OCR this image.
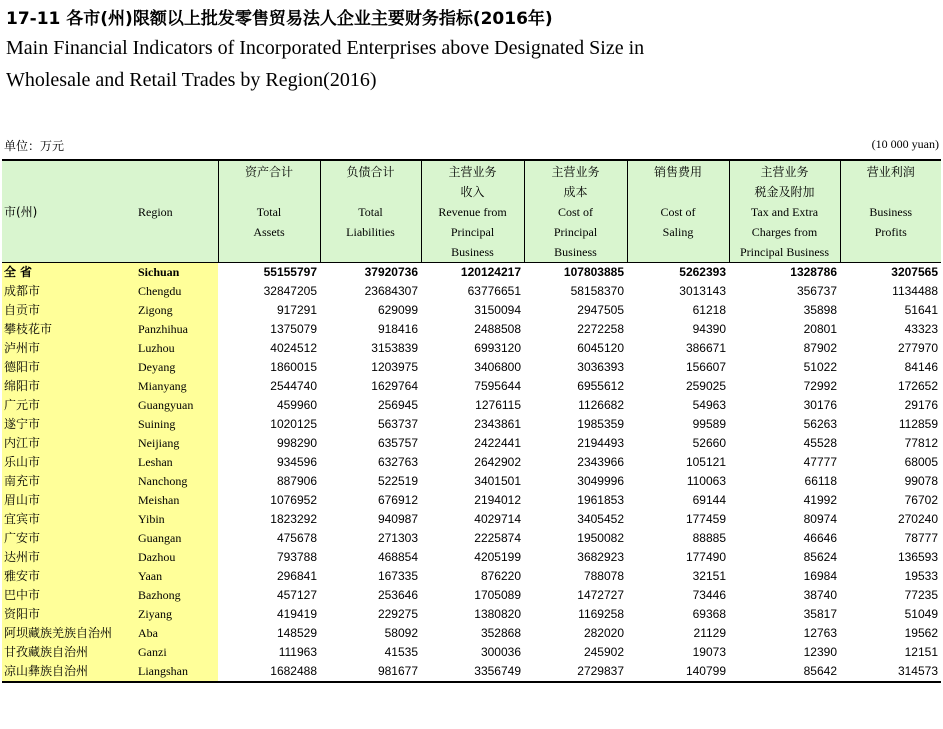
17-11 各市(州)限额以上批发零售贸易法人企业主要财务指标(2016年)
Main Financial Indicators of Incorporated Enterprises above Designated Size in
Wholesale and Retail Trades by Region(2016)
单位：万元	(10 000 yuan)
市(州)	Region	资产合计

Total
Assets	负债合计

Total
Liabilities	主营业务
收入
Revenue from
Principal
Business	主营业务
成本
Cost of
Principal
Business	销售费用

Cost of
Saling	主营业务
税金及附加
Tax and Extra
Charges from
Principal Business	营业利润

Business
Profits

全省	Sichuan	55155797	37920736	120124217	107803885	5262393	1328786	3207565
成都市	Chengdu	32847205	23684307	63776651	58158370	3013143	356737	1134488
自贡市	Zigong	917291	629099	3150094	2947505	61218	35898	51641
攀枝花市	Panzhihua	1375079	918416	2488508	2272258	94390	20801	43323
泸州市	Luzhou	4024512	3153839	6993120	6045120	386671	87902	277970
德阳市	Deyang	1860015	1203975	3406800	3036393	156607	51022	84146
绵阳市	Mianyang	2544740	1629764	7595644	6955612	259025	72992	172652
广元市	Guangyuan	459960	256945	1276115	1126682	54963	30176	29176
遂宁市	Suining	1020125	563737	2343861	1985359	99589	56263	112859
内江市	Neijiang	998290	635757	2422441	2194493	52660	45528	77812
乐山市	Leshan	934596	632763	2642902	2343966	105121	47777	68005
南充市	Nanchong	887906	522519	3401501	3049996	110063	66118	99078
眉山市	Meishan	1076952	676912	2194012	1961853	69144	41992	76702
宜宾市	Yibin	1823292	940987	4029714	3405452	177459	80974	270240
广安市	Guangan	475678	271303	2225874	1950082	88885	46646	78777
达州市	Dazhou	793788	468854	4205199	3682923	177490	85624	136593
雅安市	Yaan	296841	167335	876220	788078	32151	16984	19533
巴中市	Bazhong	457127	253646	1705089	1472727	73446	38740	77235
资阳市	Ziyang	419419	229275	1380820	1169258	69368	35817	51049
阿坝藏族羌族自治州	Aba	148529	58092	352868	282020	21129	12763	19562
甘孜藏族自治州	Ganzi	111963	41535	300036	245902	19073	12390	12151
凉山彝族自治州	Liangshan	1682488	981677	3356749	2729837	140799	85642	314573
